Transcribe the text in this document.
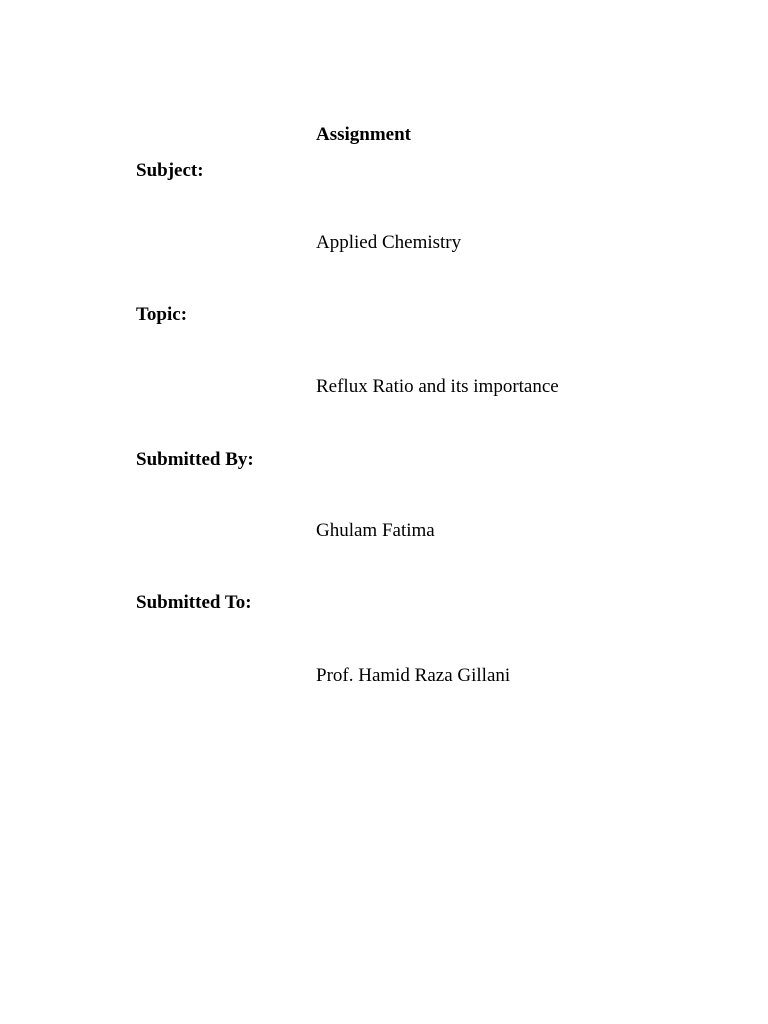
Assignment
Subject:
Applied Chemistry
Topic:
Reflux Ratio and its importance
Submitted By:
Ghulam Fatima
Submitted To:
Prof. Hamid Raza Gillani
